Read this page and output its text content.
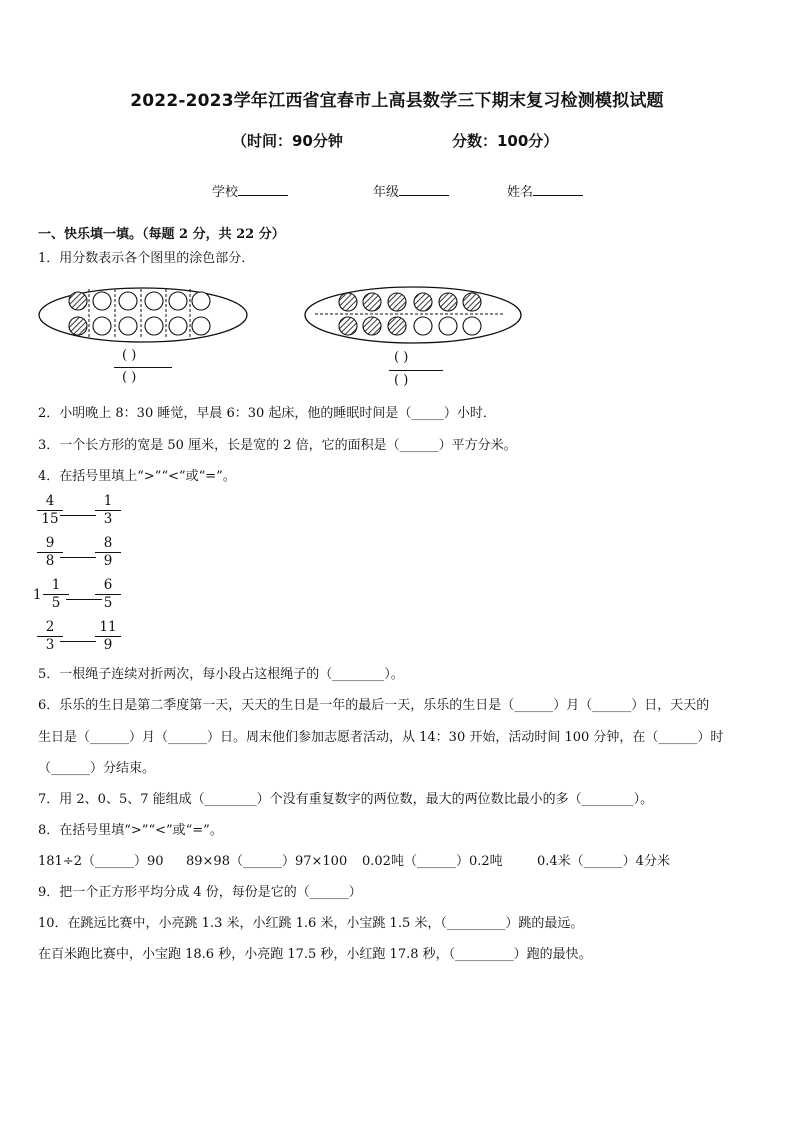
2022-2023学年江西省宜春市上高县数学三下期末复习检测模拟试题
（时间：90分钟	分数：100分）
学校	年级	姓名
一、快乐填一填。（每题 2 分，共 22 分）
1．用分数表示各个图里的涂色部分．
( )
( )
( )
( )
2．小明晚上 8：30 睡觉，早晨 6：30 起床，他的睡眠时间是（_____）小时．
3．一个长方形的宽是 50 厘米，长是宽的 2 倍，它的面积是（______）平方分米。
4．在括号里填上“>”“<”或“=”。
$\frac{4}{15} \frac{1}{3}$
$\frac{9}{8} \frac{8}{9}$
$1 \frac{1}{5} \frac{6}{5}$
$\frac{2}{3} \frac{11}{9}$
5．一根绳子连续对折两次，每小段占这根绳子的（________）。
6．乐乐的生日是第二季度第一天，天天的生日是一年的最后一天，乐乐的生日是（______）月（______）日，天天的
生日是（______）月（______）日。周末他们参加志愿者活动，从 14：30 开始，活动时间 100 分钟，在（______）时
（______）分结束。
7．用 2、0、5、7 能组成（________）个没有重复数字的两位数，最大的两位数比最小的多（________）。
8．在括号里填“>”“<”或“=”。
181÷2（______）90 89×98（______）97×100 0.02吨（______）0.2吨	0.4米（______）4分米
9．把一个正方形平均分成 4 份，每份是它的（______）
10．在跳远比赛中，小亮跳 1.3 米，小红跳 1.6 米，小宝跳 1.5 米，（_________）跳的最远。
在百米跑比赛中，小宝跑 18.6 秒，小亮跑 17.5 秒，小红跑 17.8 秒，（_________）跑的最快。
